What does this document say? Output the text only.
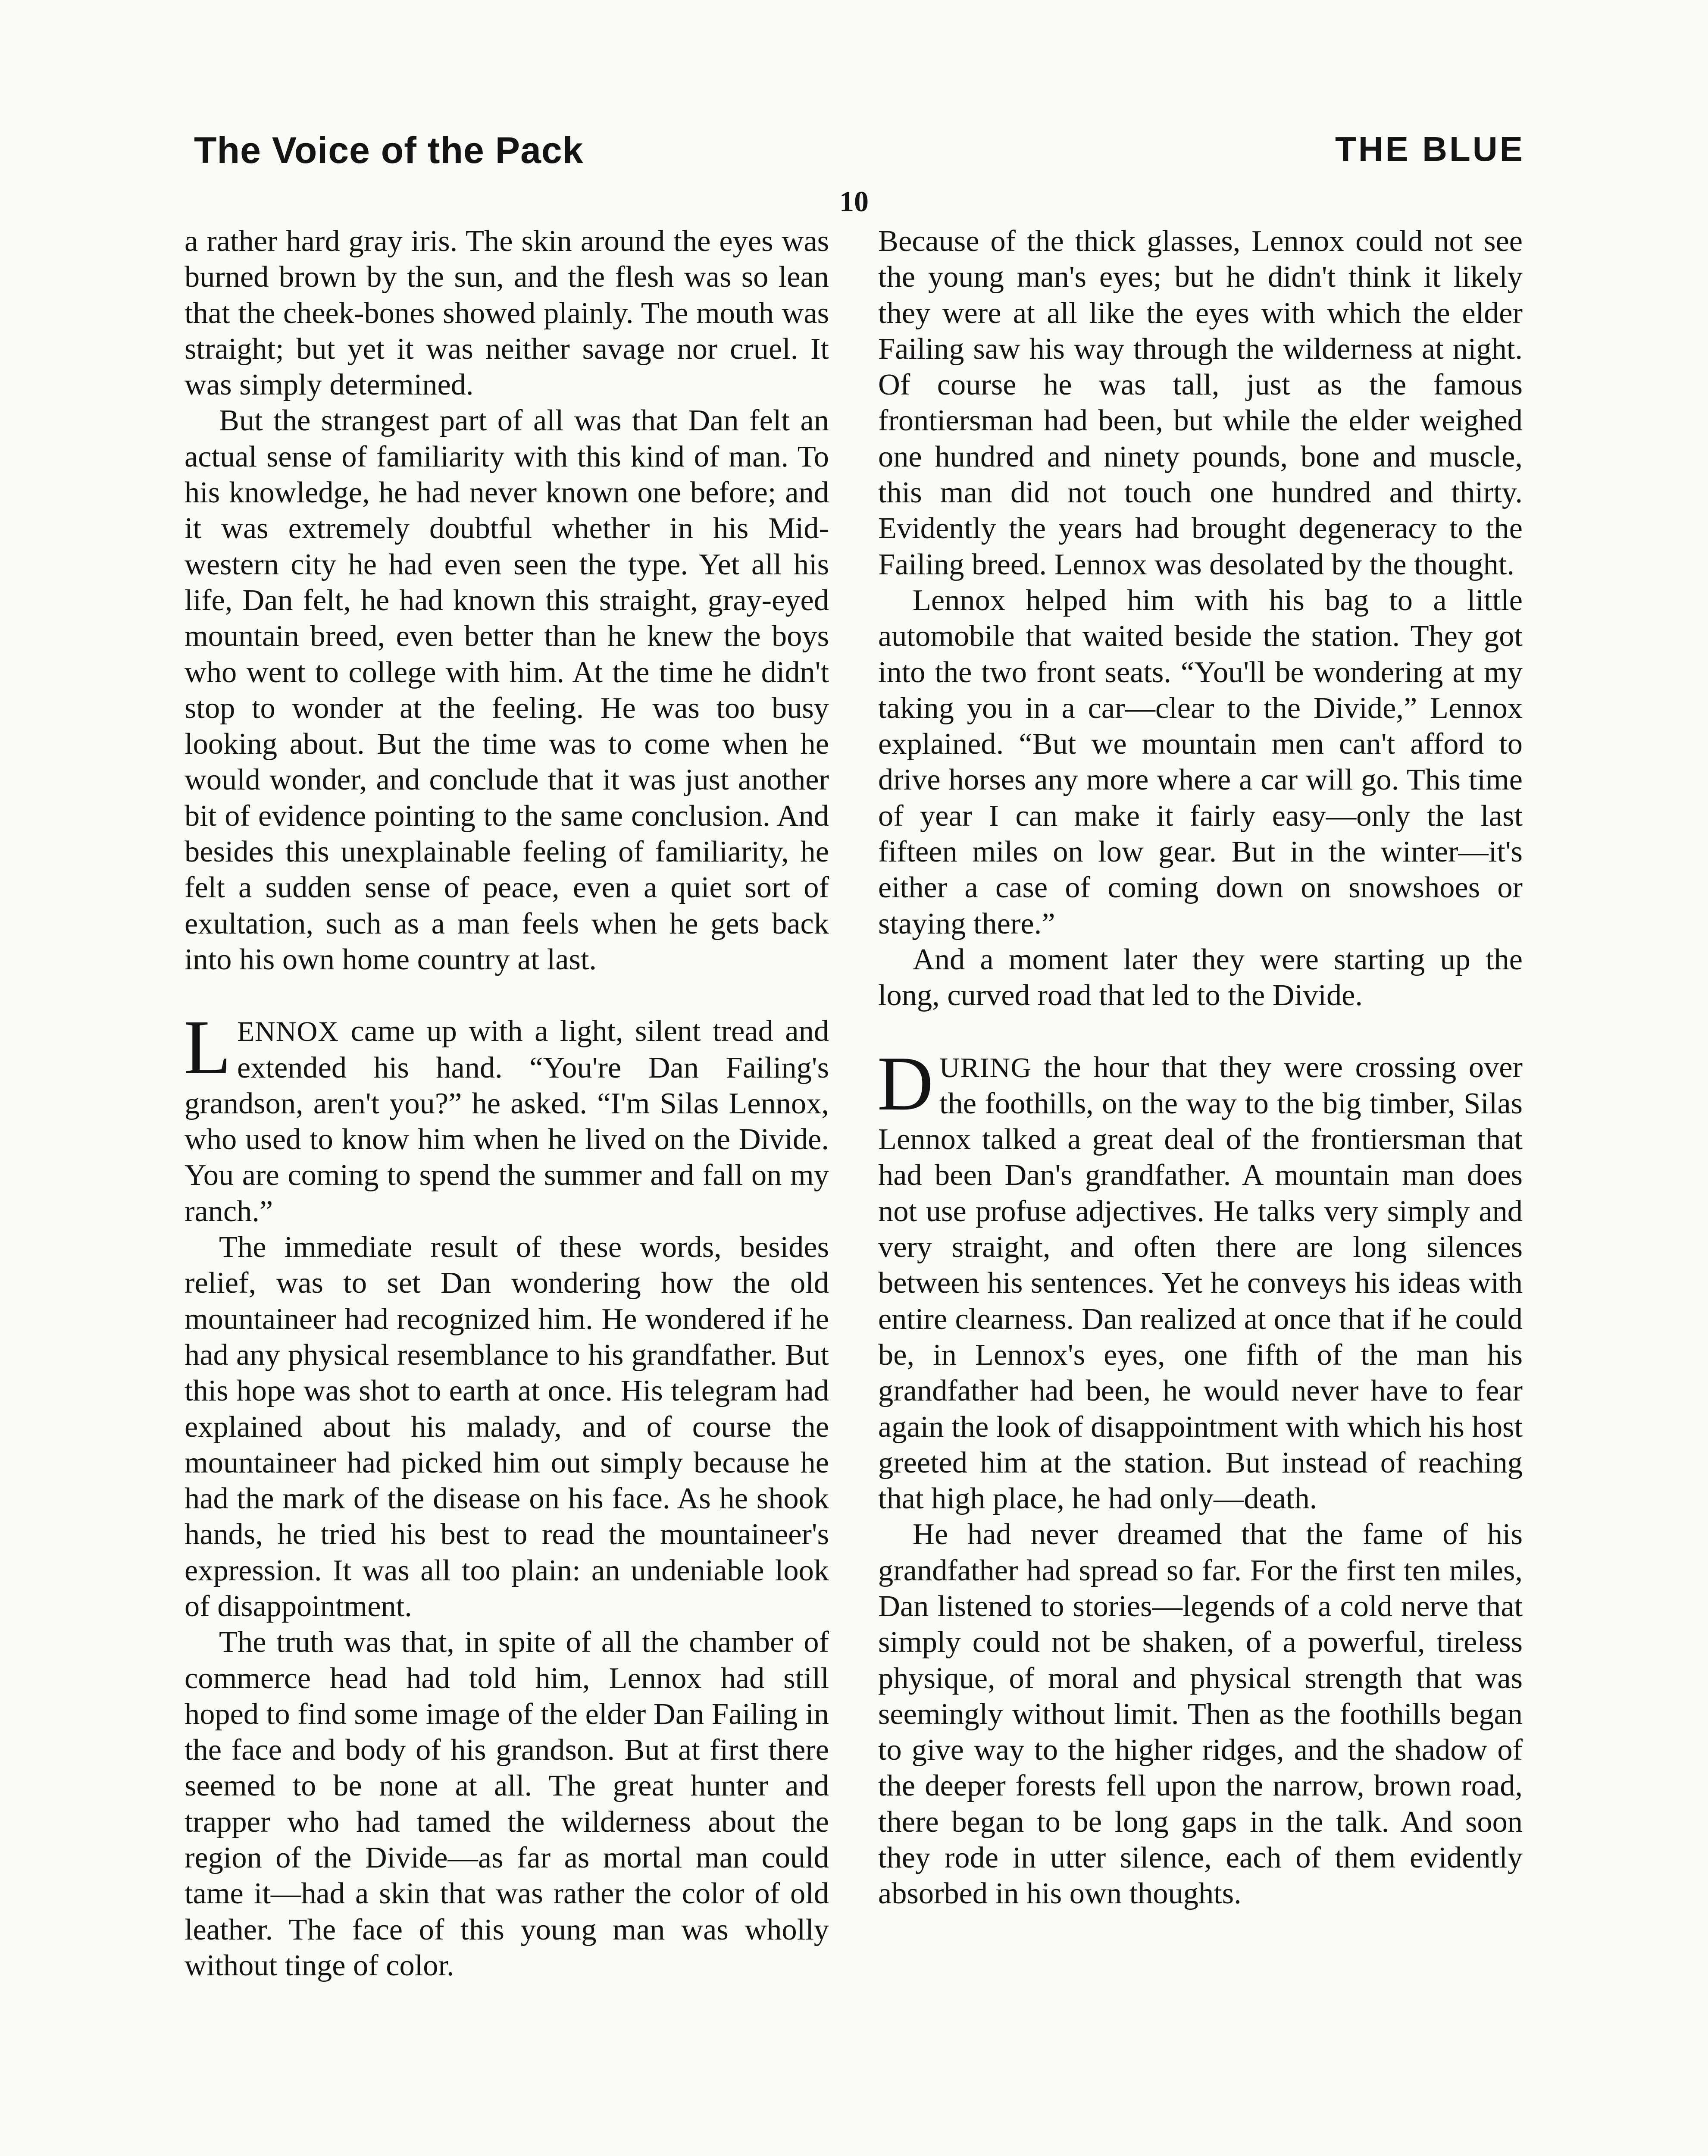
The Voice of the Pack	THE BLUE
10

a rather hard gray iris. The skin around the eyes was burned brown by the sun, and the flesh was so lean that the cheek-bones showed plainly. The mouth was straight; but yet it was neither savage nor cruel. It was simply determined.

But the strangest part of all was that Dan felt an actual sense of familiarity with this kind of man. To his knowledge, he had never known one before; and it was extremely doubtful whether in his Mid-western city he had even seen the type. Yet all his life, Dan felt, he had known this straight, gray-eyed mountain breed, even better than he knew the boys who went to college with him. At the time he didn't stop to wonder at the feeling. He was too busy looking about. But the time was to come when he would wonder, and conclude that it was just another bit of evidence pointing to the same conclusion. And besides this unexplainable feeling of familiarity, he felt a sudden sense of peace, even a quiet sort of exultation, such as a man feels when he gets back into his own home country at last.

LENNOX came up with a light, silent tread and extended his hand. “You're Dan Failing's grandson, aren't you?” he asked. “I'm Silas Lennox, who used to know him when he lived on the Divide. You are coming to spend the summer and fall on my ranch.”

The immediate result of these words, besides relief, was to set Dan wondering how the old mountaineer had recognized him. He wondered if he had any physical resemblance to his grandfather. But this hope was shot to earth at once. His telegram had explained about his malady, and of course the mountaineer had picked him out simply because he had the mark of the disease on his face. As he shook hands, he tried his best to read the mountaineer's expression. It was all too plain: an undeniable look of disappointment.

The truth was that, in spite of all the chamber of commerce head had told him, Lennox had still hoped to find some image of the elder Dan Failing in the face and body of his grandson. But at first there seemed to be none at all. The great hunter and trapper who had tamed the wilderness about the region of the Divide—as far as mortal man could tame it—had a skin that was rather the color of old leather. The face of this young man was wholly without tinge of color.

Because of the thick glasses, Lennox could not see the young man's eyes; but he didn't think it likely they were at all like the eyes with which the elder Failing saw his way through the wilderness at night. Of course he was tall, just as the famous frontiersman had been, but while the elder weighed one hundred and ninety pounds, bone and muscle, this man did not touch one hundred and thirty. Evidently the years had brought degeneracy to the Failing breed. Lennox was desolated by the thought.

Lennox helped him with his bag to a little automobile that waited beside the station. They got into the two front seats. “You'll be wondering at my taking you in a car—clear to the Divide,” Lennox explained. “But we mountain men can't afford to drive horses any more where a car will go. This time of year I can make it fairly easy—only the last fifteen miles on low gear. But in the winter—it's either a case of coming down on snowshoes or staying there.”

And a moment later they were starting up the long, curved road that led to the Divide.

DURING the hour that they were crossing over the foothills, on the way to the big timber, Silas Lennox talked a great deal of the frontiersman that had been Dan's grandfather. A mountain man does not use profuse adjectives. He talks very simply and very straight, and often there are long silences between his sentences. Yet he conveys his ideas with entire clearness. Dan realized at once that if he could be, in Lennox's eyes, one fifth of the man his grandfather had been, he would never have to fear again the look of disappointment with which his host greeted him at the station. But instead of reaching that high place, he had only—death.

He had never dreamed that the fame of his grandfather had spread so far. For the first ten miles, Dan listened to stories—legends of a cold nerve that simply could not be shaken, of a powerful, tireless physique, of moral and physical strength that was seemingly without limit. Then as the foothills began to give way to the higher ridges, and the shadow of the deeper forests fell upon the narrow, brown road, there began to be long gaps in the talk. And soon they rode in utter silence, each of them evidently absorbed in his own thoughts.
